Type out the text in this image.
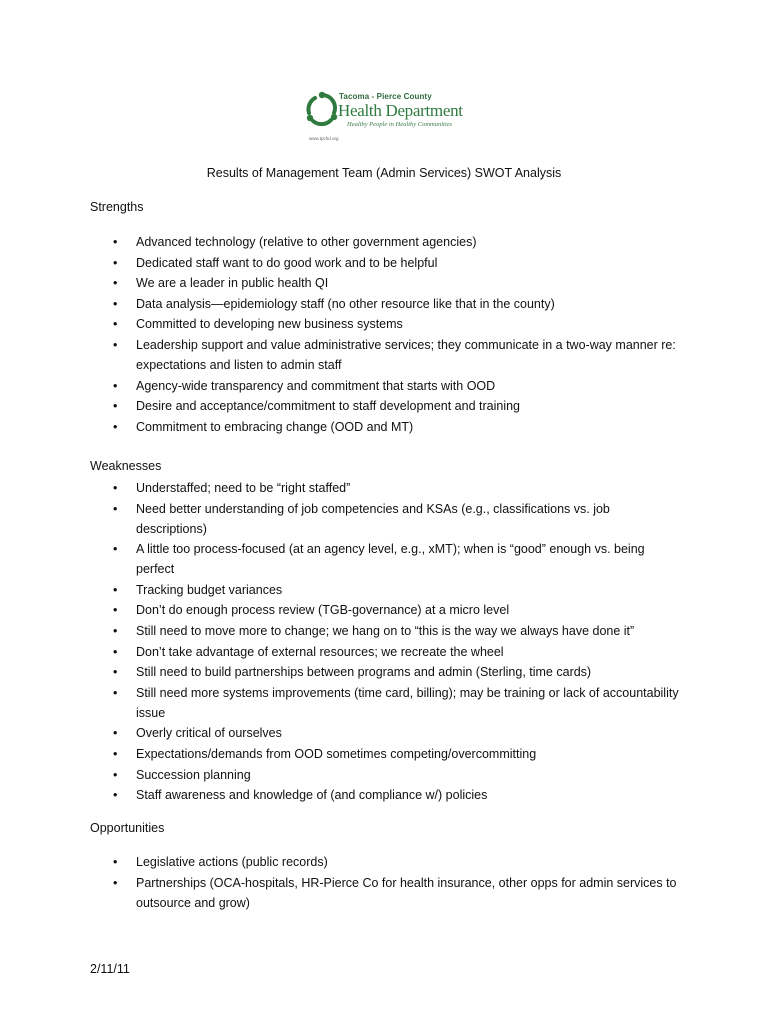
Tacoma - Pierce County
Health Department
Healthy People in Healthy Communities
www.tpchd.org
Results of Management Team (Admin Services) SWOT Analysis
Strengths
• Advanced technology (relative to other government agencies)
• Dedicated staff want to do good work and to be helpful
• We are a leader in public health QI
• Data analysis—epidemiology staff (no other resource like that in the county)
• Committed to developing new business systems
• Leadership support and value administrative services; they communicate in a two-way manner re: expectations and listen to admin staff
• Agency-wide transparency and commitment that starts with OOD
• Desire and acceptance/commitment to staff development and training
• Commitment to embracing change (OOD and MT)
Weaknesses
• Understaffed; need to be “right staffed”
• Need better understanding of job competencies and KSAs (e.g., classifications vs. job descriptions)
• A little too process-focused (at an agency level, e.g., xMT); when is “good” enough vs. being perfect
• Tracking budget variances
• Don’t do enough process review (TGB-governance) at a micro level
• Still need to move more to change; we hang on to “this is the way we always have done it”
• Don’t take advantage of external resources; we recreate the wheel
• Still need to build partnerships between programs and admin (Sterling, time cards)
• Still need more systems improvements (time card, billing); may be training or lack of accountability issue
• Overly critical of ourselves
• Expectations/demands from OOD sometimes competing/overcommitting
• Succession planning
• Staff awareness and knowledge of (and compliance w/) policies
Opportunities
• Legislative actions (public records)
• Partnerships (OCA-hospitals, HR-Pierce Co for health insurance, other opps for admin services to outsource and grow)
2/11/11
